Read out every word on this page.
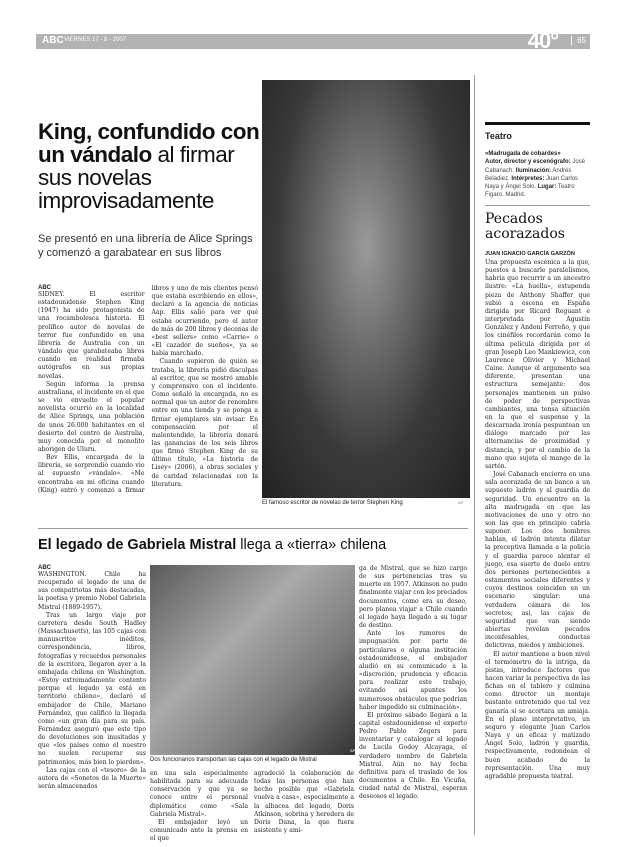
ABC VIERNES 17 - 8 - 2007	40°	65
King, confundido con un vándalo al firmar sus novelas improvisadamente
Se presentó en una librería de Alice Springs y comenzó a garabatear en sus libros
ABC

SIDNEY. El escritor estadounidense Stephen King (1947) ha sido protagonista de una rocambolesca historia. El prolífico autor de novelas de terror fue confundido en una librería de Australia con un vándalo que garabateaba libros cuando en realidad firmaba autógrafos en sus propias novelas.

Según informa la prensa australiana, el incidente en el que se vio envuelto el popular novelista ocurrió en la localidad de Alice Springs, una población de unos 26.000 habitantes en el desierto del centro de Australia, muy conocida por el monolito aborigen de Uluru.

Bev Ellis, encargada de la librería, se sorprendió cuando vio al supuesto «vándalo». «Me encontraba en mi oficina cuando (King) entró y comenzó a firmar libros y uno de mis clientes pensó que estaba escribiendo en ellos», declaró a la agencia de noticias Aap. Ellis salió para ver qué estaba ocurriendo, pero el autor de más de 200 libros y decenas de «best sellers» como «Carrie» o «El cazador de sueños», ya se había marchado.

Cuando supieron de quién se trataba, la librería pidió disculpas al escritor, que se mostró amable y comprensivo con el incidente. Como señaló la encargada, no es normal que un autor de renombre entre en una tienda y se ponga a firmar ejemplares sin avisar. En compensación por el malentendido, la librería donará las ganancias de los seis libros que firmó Stephen King de su último título, «La historia de Lisey» (2006), a obras sociales y de caridad relacionadas con la literatura.

El famoso escritor de novelas de terror Stephen King	AP
Teatro
«Madrugada de cobardes»
Autor, director y escenógrafo: José Cabanach. Iluminación: Andrés Beladiez. Intérpretes: Juan Carlos Naya y Ángel Solo. Lugar: Teatro Figaro. Madrid.
Pecados acorazados
JUAN IGNACIO GARCÍA GARZÓN

Una propuesta escénica a la que, puestos a buscarle paralelismos, habría que recurrir a un ancestro ilustre: «La huella», estupenda pieza de Anthony Shaffer que subió a escena en España dirigida por Ricard Reguant e interpretada por Agustín González y Andoni Ferreño, y que los cinéfilos recordarán como la última película dirigida por el gran Joseph Leo Mankiewicz, con Laurence Olivier y Michael Caine. Aunque el argumento sea diferente, presentan una estructura semejante: dos personajes mantienen un pulso de poder de perspectivas cambiantes, una tensa situación en la que el suspense y la descarnada ironía pespuntean un diálogo marcado por las alternancias de proximidad y distancia, y por el cambio de la mano que sujeta el mango de la sartén.

José Cabanach encierra en una sala acorazada de un banco a un supuesto ladrón y al guardia de seguridad. Un encuentro en la alta madrugada en que las motivaciones de uno y otro no son las que en principio cabría suponer. Los dos hombres hablan, el ladrón intenta dilatar la preceptiva llamada a la policía y el guardia parece alentar el juego, esa suerte de duelo entre dos personas pertenecientes a estamentos sociales diferentes y cuyos destinos coinciden en un escenario singular: una verdadera cámara de los secretos; así, las cajas de seguridad que van siendo abiertas revelan pecados inconfesables, conductas delictivas, miedos y ambiciones.

El autor mantiene a buen nivel el termómetro de la intriga, da pistas, introduce factores que hacen variar la perspectiva de las fichas en el tablero y culmina como director un montaje bastante entretenido que tal vez ganaría si se acortara un amiaja. En el plano interpretativo, un seguro y elegante Juan Carlos Naya y un eficaz y matizado Ángel Solo, ladrón y guardia, respectivamente, redondean el buen acabado de la representación. Una muy agradable propuesta teatral.

El legado de Gabriela Mistral llega a «tierra» chilena
ABC

WASHINGTON. Chile ha recuperado el legado de una de sus compatriotas más destacadas, la poetisa y premio Nobel Gabriela Mistral (1889-1957).

Tras un largo viaje por carretera desde South Hadley (Massachusetts), las 105 cajas con manuscritos inéditos, correspondencia, libros, fotografías y recuerdos personales de la escritora, llegaron ayer a la embajada chilena en Washington. «Estoy extremadamente contento porque el legado ya está en territorio chileno», declaró el embajador de Chile, Mariano Fernández, que calificó la llegada como «un gran día para su país. Fernández aseguró que este tipo de devoluciones son inusitadas y que «los países como el nuestro no suelen recuperar sus patrimonios, más bien lo pierden».

Las cajas con el «tesoro» de la autora de «Sonetos de la Muerte» serán almacenados

Dos funcionarios transportan las cajas con el legado de Mistral
AP

en una sala especialmente habilitada para su adecuada conservación y que ya se conoce entre el personal diplomático como «Sala Gabriela Mistral».

El embajador leyó un comunicado ante la prensa en el que

agradeció la colaboración de todas las personas que han hecho posible que «Gabriela vuelva a casa», especialmente a la albacea del legado, Doris Atkinson, sobrina y heredera de Doris Dana, la que fuera asistente y ami-

ga de Mistral, que se hizo cargo de sus pertenencias tras su muerte en 1957. Atkinson no pudo finalmente viajar con los preciados documentos, como era su deseo, pero planea viajar a Chile cuando el legado haya llegado a su lugar de destino.

Ante los rumores de impugnación por parte de particulares o alguna institución estadounidense, el embajador aludió en su comunicado a la «discreción, prudencia y eficacia para realizar este trabajo, evitando así apuntes los numerosos obstáculos que podrían haber impedido su culminación».

El próximo sábado llegará a la capital estadounidense el experto Pedro Pablo Zegers para inventariar y catalogar el legado de Lucila Godoy Alcayaga, el verdadero nombre de Gabriela Mistral. Aún no hay fecha definitiva para el traslado de los documentos a Chile. En Vicuña, ciudad natal de Mistral, esperan deseosos el legado.
